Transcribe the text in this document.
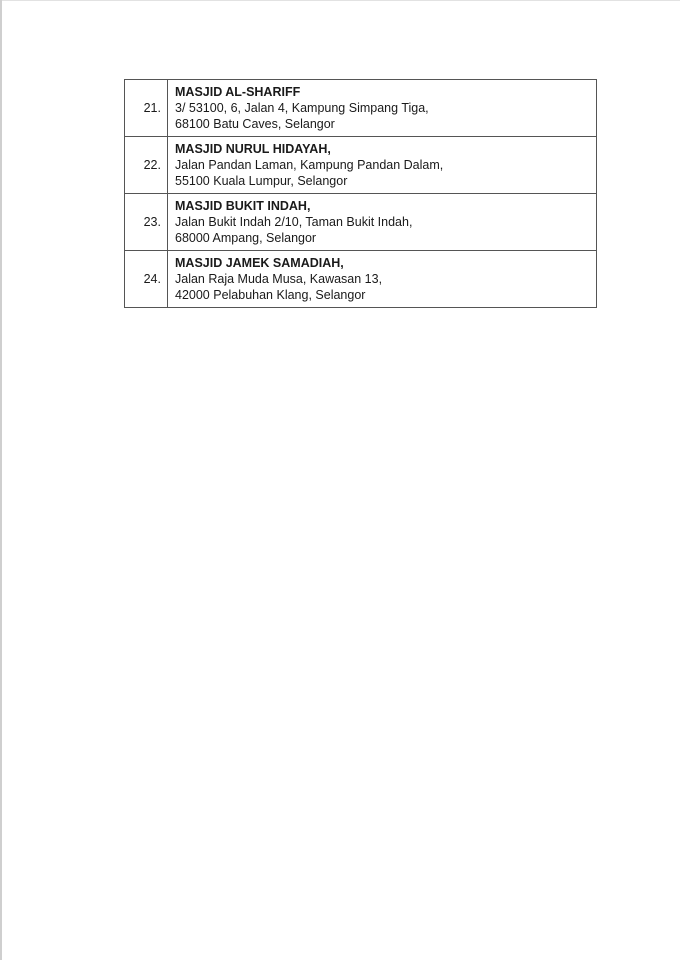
21.	MASJID AL-SHARIFF
3/ 53100, 6, Jalan 4, Kampung Simpang Tiga,
68100 Batu Caves, Selangor

22.	MASJID NURUL HIDAYAH,
Jalan Pandan Laman, Kampung Pandan Dalam,
55100 Kuala Lumpur, Selangor

23.	MASJID BUKIT INDAH,
Jalan Bukit Indah 2/10, Taman Bukit Indah,
68000 Ampang, Selangor

24.	MASJID JAMEK SAMADIAH,
Jalan Raja Muda Musa, Kawasan 13,
42000 Pelabuhan Klang, Selangor
